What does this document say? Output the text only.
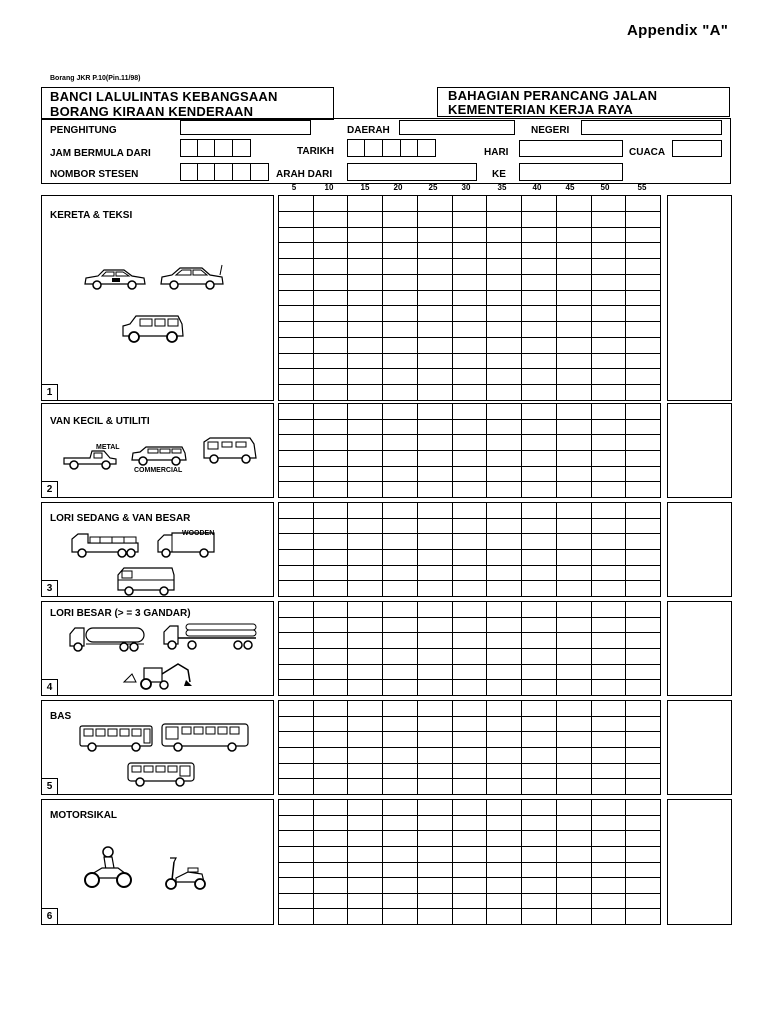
Appendix "A"
Borang JKR P.10(Pin.11/98)
BANCI LALULINTAS KEBANGSAAN
BORANG KIRAAN KENDERAAN
BAHAGIAN PERANCANG JALAN
KEMENTERIAN KERJA RAYA
PENGHITUNG	DAERAH	NEGERI
JAM BERMULA DARI	TARIKH	HARI	CUACA
NOMBOR STESEN	ARAH DARI	KE
5	10	15	20	25	30	35	40	45	50	55
KERETA & TEKSI
1
VAN KECIL & UTILITI
METAL
COMMERCIAL
2
LORI SEDANG & VAN BESAR
WOODEN
3
LORI BESAR (> = 3 GANDAR)
4
BAS
5
MOTORSIKAL
6
